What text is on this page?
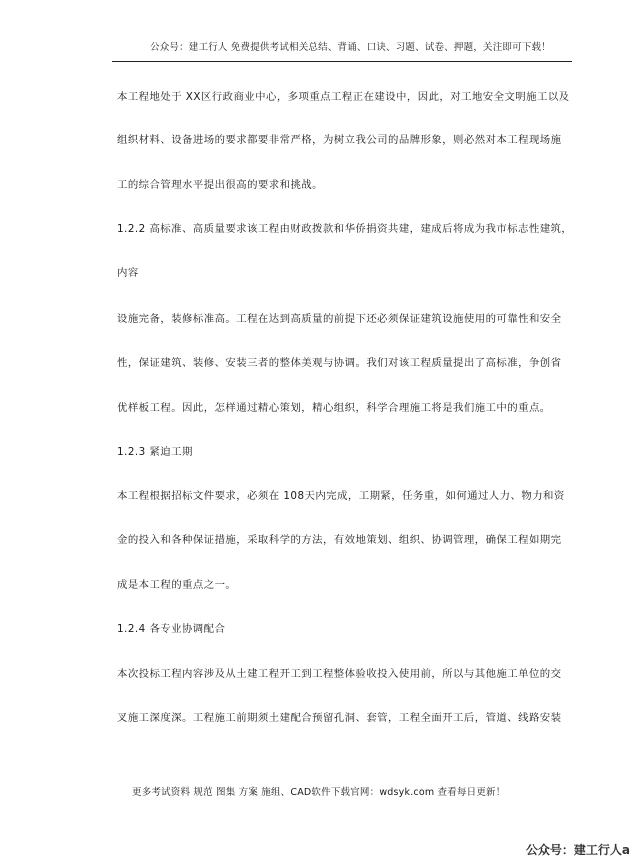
公众号：建工行人 免费提供考试相关总结、背诵、口诀、习题、试卷、押题，关注即可下载！
本工程地处于 XX区行政商业中心，多项重点工程正在建设中，因此，对工地安全文明施工以及
组织材料、设备进场的要求都要非常严格，为树立我公司的品牌形象，则必然对本工程现场施
工的综合管理水平提出很高的要求和挑战。
1.2.2 高标准、高质量要求该工程由财政拨款和华侨捐资共建，建成后将成为我市标志性建筑，
内容
设施完备，装修标准高。工程在达到高质量的前提下还必须保证建筑设施使用的可靠性和安全
性，保证建筑、装修、安装三者的整体美观与协调。我们对该工程质量提出了高标准，争创省
优样板工程。因此，怎样通过精心策划，精心组织，科学合理施工将是我们施工中的重点。
1.2.3 紧迫工期
本工程根据招标文件要求，必须在 108天内完成，工期紧，任务重，如何通过人力、物力和资
金的投入和各种保证措施，采取科学的方法，有效地策划、组织、协调管理，确保工程如期完
成是本工程的重点之一。
1.2.4 各专业协调配合
本次投标工程内容涉及从土建工程开工到工程整体验收投入使用前，所以与其他施工单位的交
叉施工深度深。工程施工前期须土建配合预留孔洞、套管，工程全面开工后，管道、线路安装
更多考试资料 规范 图集 方案 施组、CAD软件下载官网：wdsyk.com 查看每日更新！
公众号：建工行人a
